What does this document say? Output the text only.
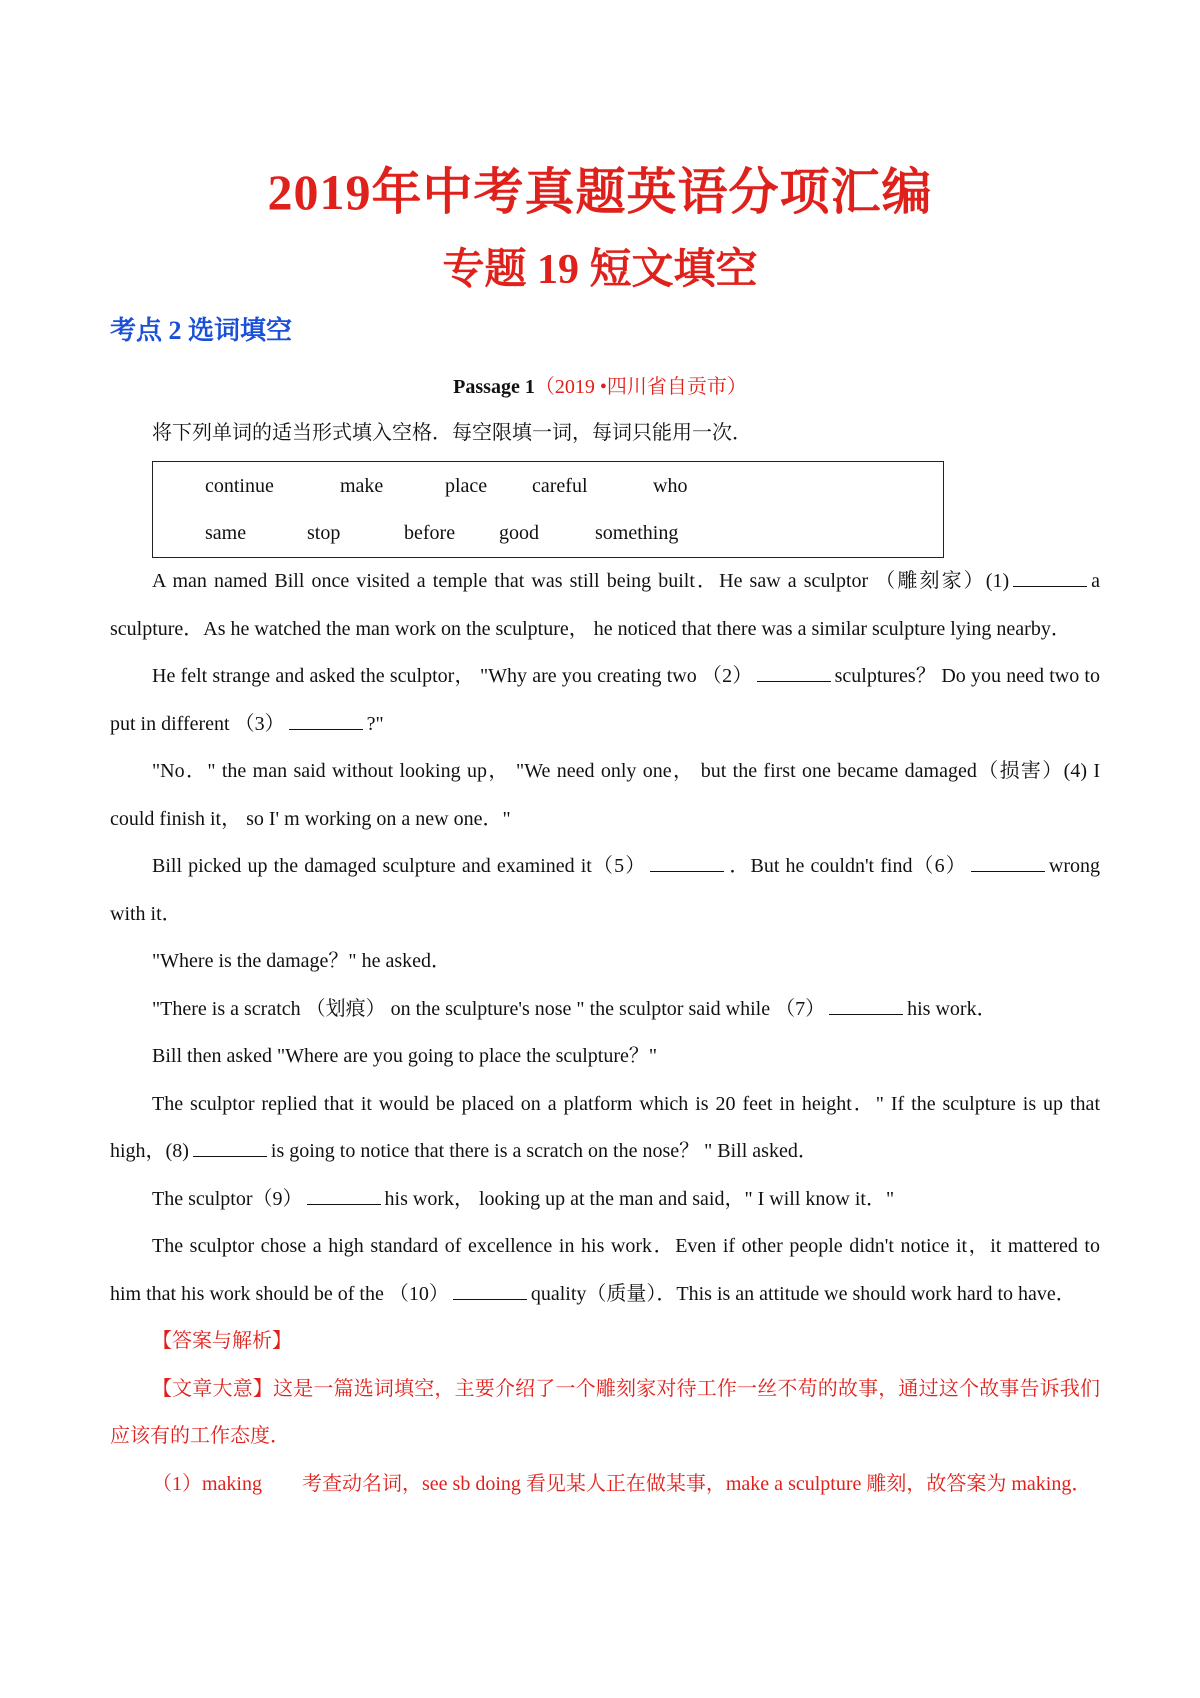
2019年中考真题英语分项汇编
专题 19 短文填空
考点 2 选词填空
Passage 1（2019 •四川省自贡市）
将下列单词的适当形式填入空格．每空限填一词，每词只能用一次．
continue	make	place careful	who
same	stop	before good	something

A man named Bill once visited a temple that was still being built．He saw a sculptor （雕刻家）(1)	a sculpture．As he watched the man work on the sculpture， he noticed that there was a similar sculpture lying nearby．

He felt strange and asked the sculptor， "Why are you creating two （2）	sculptures？ Do you need two to put in different （3）	?"

"No．" the man said without looking up， "We need only one， but the first one became damaged（损害）(4) I could finish it， so I' m working on a new one．"

Bill picked up the damaged sculpture and examined it（5）	．But he couldn't find（6）	wrong with it．

"Where is the damage？" he asked．

"There is a scratch （划痕） on the sculpture's nose " the sculptor said while （7）	his work．

Bill then asked "Where are you going to place the sculpture？"

The sculptor replied that it would be placed on a platform which is 20 feet in height．" If the sculpture is up that high，(8)	is going to notice that there is a scratch on the nose？ " Bill asked．

The sculptor（9）	his work， looking up at the man and said，" I will know it．"

The sculptor chose a high standard of excellence in his work．Even if other people didn't notice it，it mattered to him that his work should be of the （10）	quality（质量）．This is an attitude we should work hard to have．

【答案与解析】

【文章大意】这是一篇选词填空，主要介绍了一个雕刻家对待工作一丝不苟的故事，通过这个故事告诉我们应该有的工作态度．

（1）making 考查动名词，see sb doing 看见某人正在做某事，make a sculpture 雕刻，故答案为 making．
